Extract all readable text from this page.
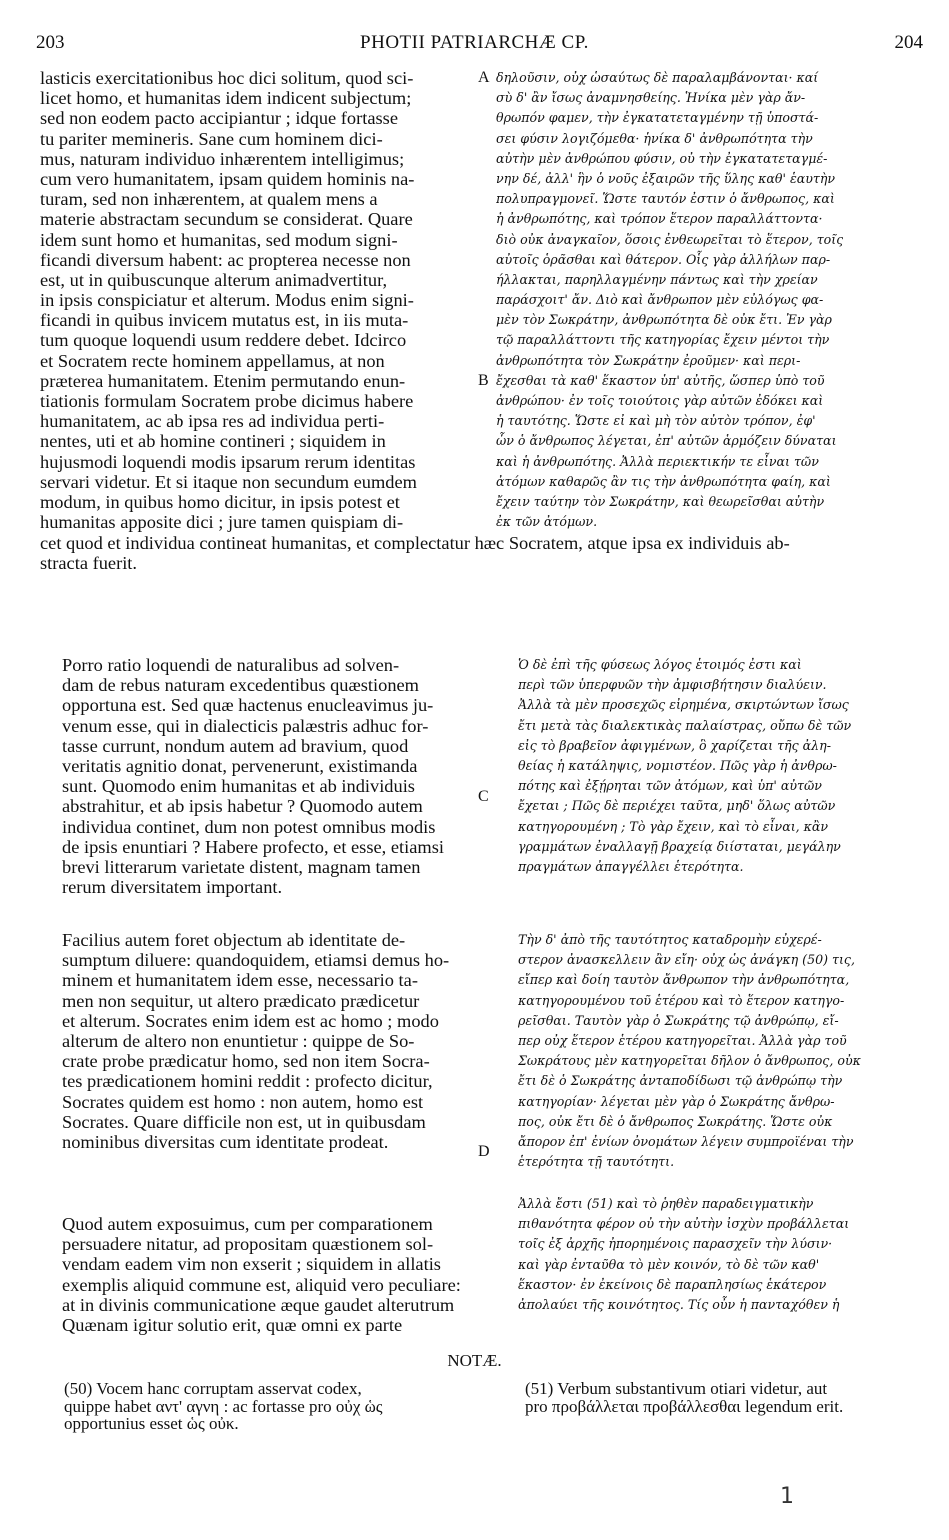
203	PHOTII PATRIARCHÆ CP.	204
lasticis exercitationibus hoc dici solitum, quod sci-
licet homo, et humanitas idem indicent subjectum;
sed non eodem pacto accipiantur ; idque fortasse
tu pariter memineris. Sane cum hominem dici-
mus, naturam individuo inhærentem intelligimus;
cum vero humanitatem, ipsam quidem hominis na-
turam, sed non inhærentem, at qualem mens a
materie abstractam secundum se considerat. Quare
idem sunt homo et humanitas, sed modum signi-
ficandi diversum habent: ac propterea necesse non
est, ut in quibuscunque alterum animadvertitur,
in ipsis conspiciatur et alterum. Modus enim signi-
ficandi in quibus invicem mutatus est, in iis muta-
tum quoque loquendi usum reddere debet. Idcirco
et Socratem recte hominem appellamus, at non
præterea humanitatem. Etenim permutando enun-
tiationis formulam Socratem probe dicimus habere
humanitatem, ac ab ipsa res ad individua perti-
nentes, uti et ab homine contineri ; siquidem in
hujusmodi loquendi modis ipsarum rerum identitas
servari videtur. Et si itaque non secundum eumdem
modum, in quibus homo dicitur, in ipsis potest et
humanitas apposite dici ; jure tamen quispiam di-
A δηλοῦσιν, οὐχ ὡσαύτως δὲ παραλαμβάνονται· καί
σὺ δ' ἂν ἴσως ἀναμνησθείης. Ἡνίκα μὲν γὰρ ἄν-
θρωπόν φαμεν, τὴν ἐγκατατεταγμένην τῇ ὑποστά-
σει φύσιν λογιζόμεθα· ἡνίκα δ' ἀνθρωπότητα τὴν
αὐτὴν μὲν ἀνθρώπου φύσιν, οὐ τὴν ἐγκατατεταγμέ-
νην δέ, ἀλλ' ἣν ὁ νοῦς ἐξαιρῶν τῆς ὕλης καθ' ἑαυτὴν
πολυπραγμονεῖ. Ὥστε ταυτόν ἐστιν ὁ ἄνθρωπος, καὶ
ἡ ἀνθρωπότης, καὶ τρόπον ἕτερον παραλλάττοντα·
διὸ οὐκ ἀναγκαῖον, ὅσοις ἐνθεωρεῖται τὸ ἕτερον, τοῖς
αὐτοῖς ὁρᾶσθαι καὶ θάτερον. Οἷς γὰρ ἀλλήλων παρ-
ήλλακται, παρηλλαγμένην πάντως καὶ τὴν χρείαν
παράσχοιτ' ἄν. Διὸ καὶ ἄνθρωπον μὲν εὐλόγως φα-
μὲν τὸν Σωκράτην, ἀνθρωπότητα δὲ οὐκ ἔτι. Ἐν γὰρ
τῷ παραλλάττοντι τῆς κατηγορίας ἔχειν μέντοι τὴν
ἀνθρωπότητα τὸν Σωκράτην ἐροῦμεν· καὶ περι-
ἔχεσθαι τὰ καθ' ἕκαστον ὑπ' αὐτῆς, ὥσπερ ὑπὸ τοῦ
ἀνθρώπου· ἐν τοῖς τοιούτοις γὰρ αὐτῶν ἐδόκει καὶ
ἡ ταυτότης. Ὥστε εἰ καὶ μὴ τὸν αὐτὸν τρόπον, ἐφ'
ὧν ὁ ἄνθρωπος λέγεται, ἐπ' αὐτῶν ἁρμόζειν δύναται
καὶ ἡ ἀνθρωπότης. Ἀλλὰ περιεκτικήν τε εἶναι τῶν
ἀτόμων καθαρῶς ἂν τις τὴν ἀνθρωπότητα φαίη, καὶ
ἔχειν ταύτην τὸν Σωκράτην, καὶ θεωρεῖσθαι αὐτὴν
ἐκ τῶν ἀτόμων.
B
cet quod et individua contineat humanitas, et complectatur hæc Socratem, atque ipsa ex individuis ab-
stracta fuerit.
Porro ratio loquendi de naturalibus ad solven-
dam de rebus naturam excedentibus quæstionem
opportuna est. Sed quæ hactenus enucleavimus ju-
venum esse, qui in dialecticis palæstris adhuc for-
tasse currunt, nondum autem ad bravium, quod
veritatis agnitio donat, pervenerunt, existimanda
sunt. Quomodo enim humanitas et ab individuis
abstrahitur, et ab ipsis habetur ? Quomodo autem
individua continet, dum non potest omnibus modis
de ipsis enuntiari ? Habere profecto, et esse, etiamsi
brevi litterarum varietate distent, magnam tamen
rerum diversitatem important.
C
Ὁ δὲ ἐπὶ τῆς φύσεως λόγος ἑτοιμός ἐστι καὶ
περὶ τῶν ὑπερφυῶν τὴν ἀμφισβήτησιν διαλύειν.
Ἀλλὰ τὰ μὲν προσεχῶς εἰρημένα, σκιρτώντων ἴσως
ἔτι μετὰ τὰς διαλεκτικὰς παλαίστρας, οὔπω δὲ τῶν
εἰς τὸ βραβεῖον ἀφιγμένων, ὃ χαρίζεται τῆς ἀλη-
θείας ἡ κατάληψις, νομιστέον. Πῶς γὰρ ἡ ἀνθρω-
πότης καὶ ἐξῄρηται τῶν ἀτόμων, καὶ ὑπ' αὐτῶν
ἔχεται ; Πῶς δὲ περιέχει ταῦτα, μηδ' ὅλως αὐτῶν
κατηγορουμένη ; Τὸ γὰρ ἔχειν, καὶ τὸ εἶναι, κἂν
γραμμάτων ἐναλλαγῇ βραχείᾳ διίσταται, μεγάλην
πραγμάτων ἀπαγγέλλει ἑτερότητα.
Facilius autem foret objectum ab identitate de-
sumptum diluere: quandoquidem, etiamsi demus ho-
minem et humanitatem idem esse, necessario ta-
men non sequitur, ut altero prædicato prædicetur
et alterum. Socrates enim idem est ac homo ; modo
alterum de altero non enuntietur : quippe de So-
crate probe prædicatur homo, sed non item Socra-
tes prædicationem homini reddit : profecto dicitur,
Socrates quidem est homo : non autem, homo est
Socrates. Quare difficile non est, ut in quibusdam
nominibus diversitas cum identitate prodeat.
Τὴν δ' ἀπὸ τῆς ταυτότητος καταδρομὴν εὐχερέ-
στερον ἀνασκελλειν ἂν εἴη· οὐχ ὡς ἀνάγκη (50) τις,
εἴπερ καὶ δοίη ταυτὸν ἄνθρωπον τὴν ἀνθρωπότητα,
κατηγορουμένου τοῦ ἑτέρου καὶ τὸ ἕτερον κατηγο-
ρεῖσθαι. Ταυτὸν γὰρ ὁ Σωκράτης τῷ ἀνθρώπῳ, εἴ-
περ οὐχ ἕτερον ἑτέρου κατηγορεῖται. Ἀλλὰ γὰρ τοῦ
Σωκράτους μὲν κατηγορεῖται δῆλον ὁ ἄνθρωπος, οὐκ
ἔτι δὲ ὁ Σωκράτης ἀνταποδίδωσι τῷ ἀνθρώπῳ τὴν
κατηγορίαν· λέγεται μὲν γὰρ ὁ Σωκράτης ἄνθρω-
πος, οὐκ ἔτι δὲ ὁ ἄνθρωπος Σωκράτης. Ὥστε οὐκ
ἄπορον ἐπ' ἐνίων ὀνομάτων λέγειν συμπροϊέναι τὴν
ἑτερότητα τῇ ταυτότητι.
D
Quod autem exposuimus, cum per comparationem
persuadere nitatur, ad propositam quæstionem sol-
vendam eadem vim non exserit ; siquidem in allatis
exemplis aliquid commune est, aliquid vero peculiare:
at in divinis communicatione æque gaudet alterutrum
Quænam igitur solutio erit, quæ omni ex parte
Ἀλλὰ ἔστι (51) καὶ τὸ ῥηθὲν παραδειγματικὴν
πιθανότητα φέρον οὐ τὴν αὐτὴν ἰσχὺν προβάλλεται
τοῖς ἐξ ἀρχῆς ἠπορημένοις παρασχεῖν τὴν λύσιν·
καὶ γὰρ ἐνταῦθα τὸ μὲν κοινόν, τὸ δὲ τῶν καθ'
ἕκαστον· ἐν ἐκείνοις δὲ παραπλησίως ἑκάτερον
ἀπολαύει τῆς κοινότητος. Τίς οὖν ἡ πανταχόθεν ἡ
NOTÆ.
(50) Vocem hanc corruptam asservat codex,
quippe habet αντ' αγνη : ac fortasse pro οὐχ ὡς
opportunius esset ὡς οὐκ.
(51) Verbum substantivum otiari videtur, aut
pro προβάλλεται προβάλλεσθαι legendum erit.
1
